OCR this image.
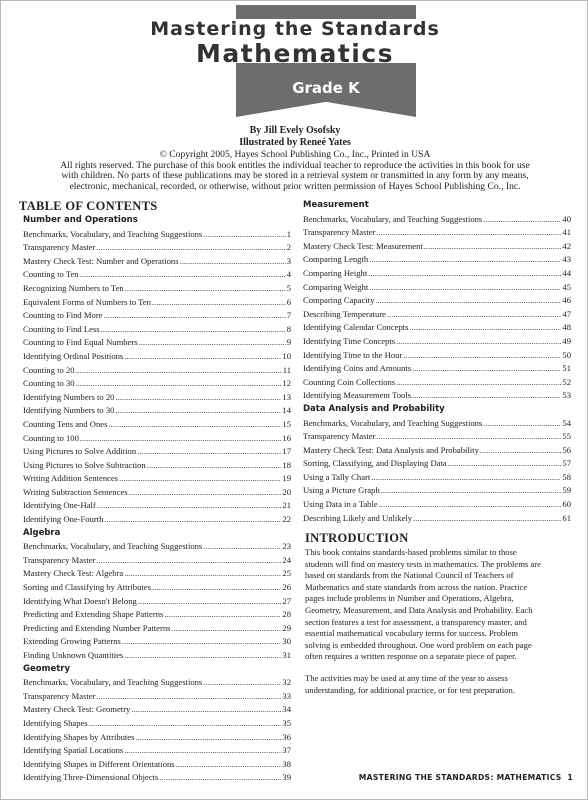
Mastering the Standards
Mathematics
Grade K
By Jill Evely Osofsky
Illustrated by Reneé Yates
© Copyright 2005, Hayes School Publishing Co., Inc., Printed in USA
All rights reserved. The purchase of this book entitles the individual teacher to reproduce the activities in this book for use
with children. No parts of these publications may be stored in a retrieval system or transmitted in any form by any means,
electronic, mechanical, recorded, or otherwise, without prior written permission of Hayes School Publishing Co., Inc.
TABLE OF CONTENTS
Number and Operations
Benchmarks, Vocabulary, and Teaching Suggestions .....	1
Transparency Master .....	2
Mastery Check Test: Number and Operations .....	3
Counting to Ten .....	4
Recognizing Numbers to Ten .....	5
Equivalent Forms of Numbers to Ten .....	6
Counting to Find More .....	7
Counting to Find Less .....	8
Counting to Find Equal Numbers .....	9
Identifying Ordinal Positions .....	10
Counting to 20 .....	11
Counting to 30 .....	12
Identifying Numbers to 20 .....	13
Identifying Numbers to 30 .....	14
Counting Tens and Ones .....	15
Counting to 100 .....	16
Using Pictures to Solve Addition .....	17
Using Pictures to Solve Subtraction .....	18
Writing Addition Sentences .....	19
Writing Subtraction Sentences .....	20
Identifying One-Half .....	21
Identifying One-Fourth .....	22
Algebra
Benchmarks, Vocabulary, and Teaching Suggestions .....	23
Transparency Master .....	24
Mastery Check Test: Algebra .....	25
Sorting and Classifying by Attributes .....	26
Identifying What Doesn't Belong .....	27
Predicting and Extending Shape Patterns .....	28
Predicting and Extending Number Patterns .....	29
Extending Growing Patterns .....	30
Finding Unknown Quantities .....	31
Geometry
Benchmarks, Vocabulary, and Teaching Suggestions .....	32
Transparency Master .....	33
Mastery Check Test: Geometry .....	34
Identifying Shapes .....	35
Identifying Shapes by Attributes .....	36
Identifying Spatial Locations .....	37
Identifying Shapes in Different Orientations .....	38
Identifying Three-Dimensional Objects .....	39
Measurement
Benchmarks, Vocabulary, and Teaching Suggestions .....	40
Transparency Master .....	41
Mastery Check Test: Measurement .....	42
Comparing Length .....	43
Comparing Height .....	44
Comparing Weight .....	45
Comparing Capacity .....	46
Describing Temperature .....	47
Identifying Calendar Concepts .....	48
Identifying Time Concepts .....	49
Identifying Time to the Hour .....	50
Identifying Coins and Amounts .....	51
Counting Coin Collections .....	52
Identifying Measurement Tools .....	53
Data Analysis and Probability
Benchmarks, Vocabulary, and Teaching Suggestions .....	54
Transparency Master .....	55
Mastery Check Test: Data Analysis and Probability .....	56
Sorting, Classifying, and Displaying Data .....	57
Using a Tally Chart .....	58
Using a Picture Graph .....	59
Using Data in a Table .....	60
Describing Likely and Unlikely .....	61
INTRODUCTION
This book contains standards-based problems similar to those
students will find on mastery tests in mathematics. The problems are
based on standards from the National Council of Teachers of
Mathematics and state standards from across the nation. Practice
pages include problems in Number and Operations, Algebra,
Geometry, Measurement, and Data Analysis and Probability. Each
section features a test for assessment, a transparency master, and
essential mathematical vocabulary terms for success. Problem
solving is embedded throughout. One word problem on each page
often requires a written response on a separate piece of paper.
The activities may be used at any time of the year to assess
understanding, for additional practice, or for test preparation.
MASTERING THE STANDARDS: MATHEMATICS 1
